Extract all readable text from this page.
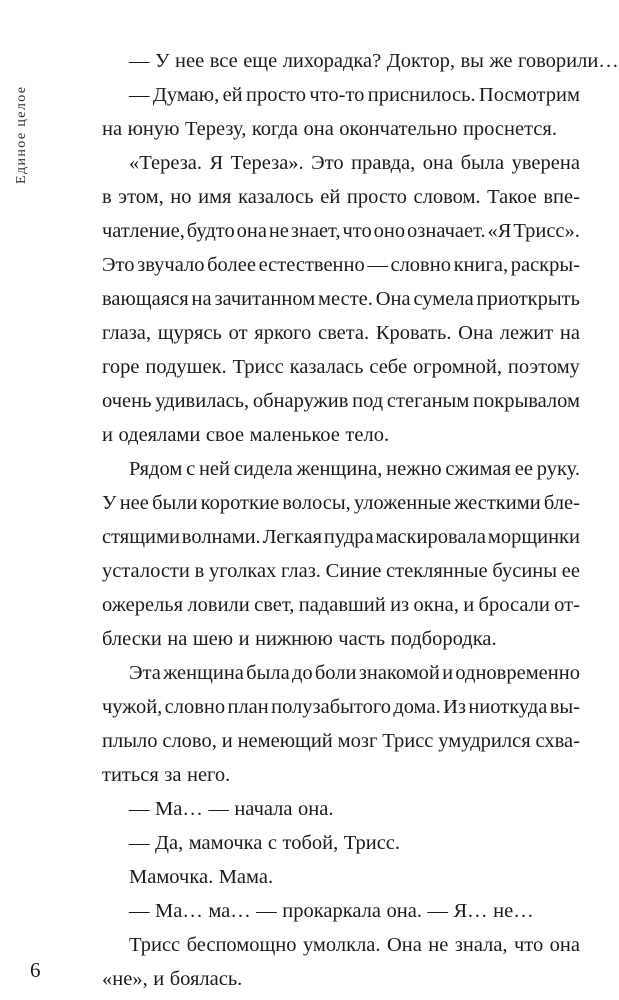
Единое целое
— У нее все еще лихорадка? Доктор, вы же говорили…
— Думаю, ей просто что-то приснилось. Посмотрим
на юную Терезу, когда она окончательно проснется.
«Тереза. Я Тереза». Это правда, она была уверена
в этом, но имя казалось ей просто словом. Такое впе-
чатление, будто она не знает, что оно означает. «Я Трисс».
Это звучало более естественно — словно книга, раскры-
вающаяся на зачитанном месте. Она сумела приоткрыть
глаза, щурясь от яркого света. Кровать. Она лежит на
горе подушек. Трисс казалась себе огромной, поэтому
очень удивилась, обнаружив под стеганым покрывалом
и одеялами свое маленькое тело.
Рядом с ней сидела женщина, нежно сжимая ее руку.
У нее были короткие волосы, уложенные жесткими бле-
стящими волнами. Легкая пудра маскировала морщинки
усталости в уголках глаз. Синие стеклянные бусины ее
ожерелья ловили свет, падавший из окна, и бросали от-
блески на шею и нижнюю часть подбородка.
Эта женщина была до боли знакомой и одновременно
чужой, словно план полузабытого дома. Из ниоткуда вы-
плыло слово, и немеющий мозг Трисс умудрился схва-
титься за него.
— Ма… — начала она.
— Да, мамочка с тобой, Трисс.
Мамочка. Мама.
— Ма… ма… — прокаркала она. — Я… не…
Трисс беспомощно умолкла. Она не знала, что она
«не», и боялась.
6
